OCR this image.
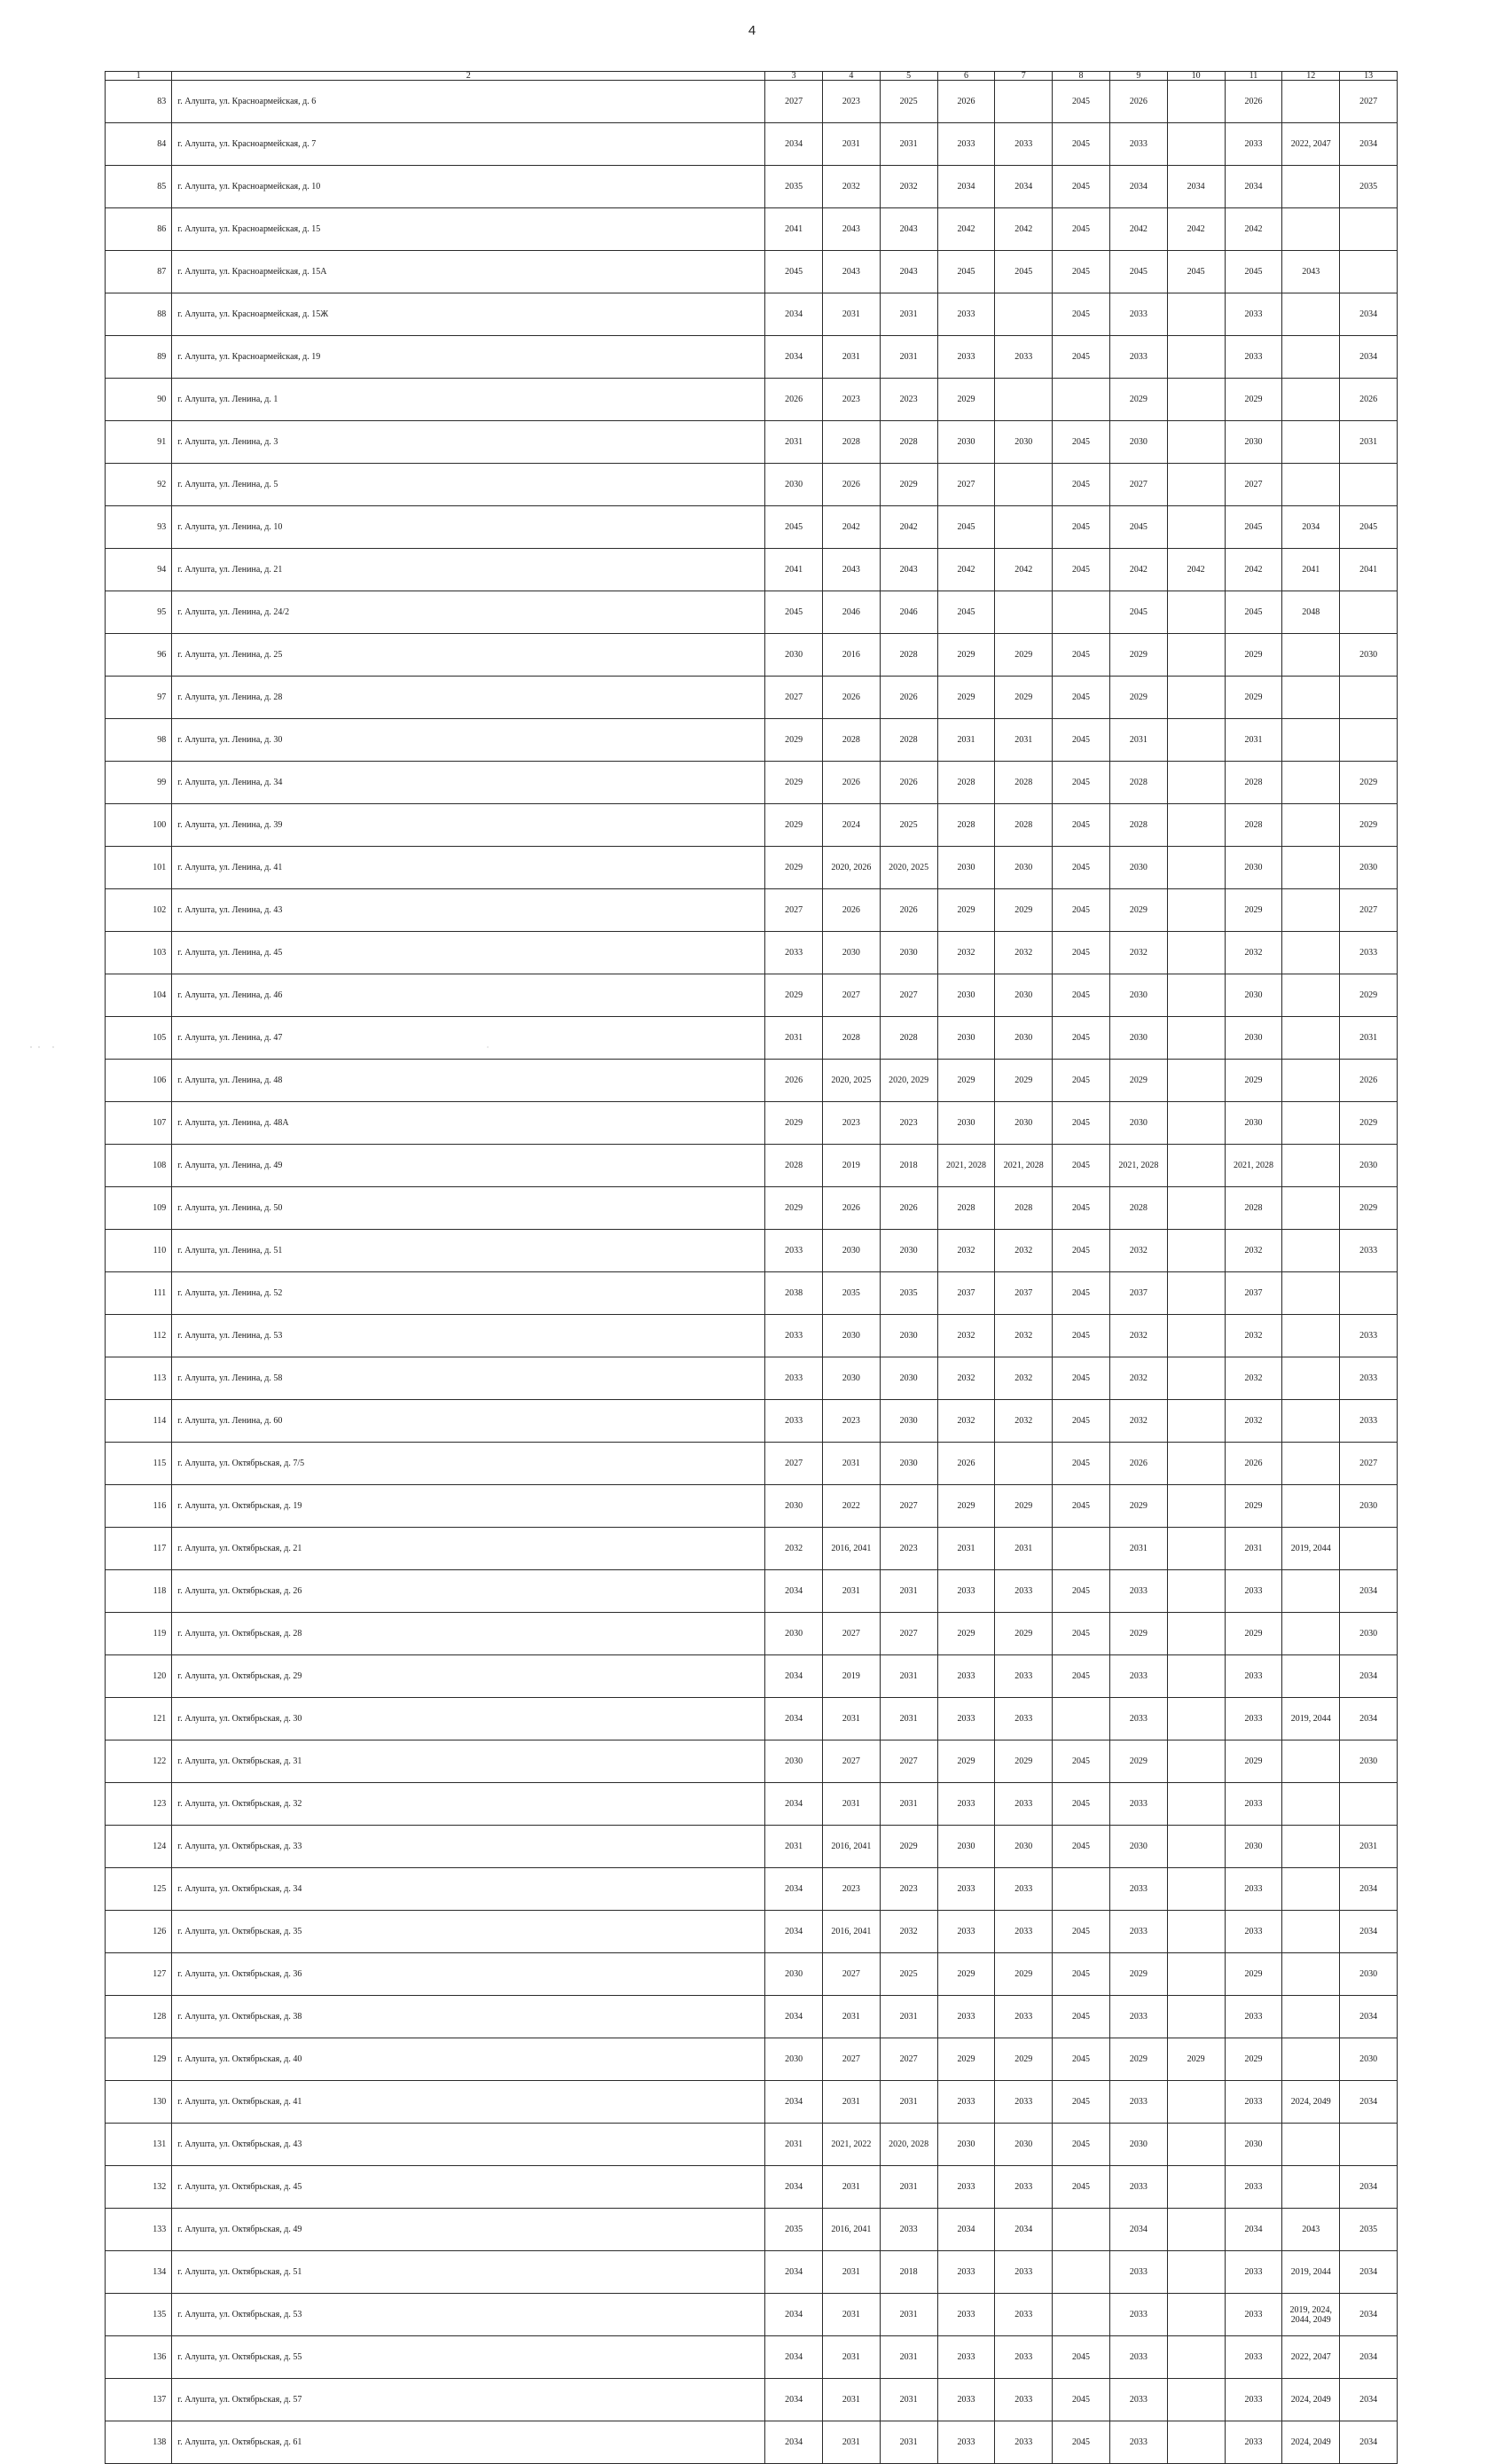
4
1	2	3	4	5	6	7	8	9	10	11	12	13
83	г. Алушта, ул. Красноармейская, д. 6	2027	2023	2025	2026		2045	2026		2026		2027
84	г. Алушта, ул. Красноармейская, д. 7	2034	2031	2031	2033	2033	2045	2033		2033	2022, 2047	2034
85	г. Алушта, ул. Красноармейская, д. 10	2035	2032	2032	2034	2034	2045	2034	2034	2034		2035
86	г. Алушта, ул. Красноармейская, д. 15	2041	2043	2043	2042	2042	2045	2042	2042	2042		
87	г. Алушта, ул. Красноармейская, д. 15А	2045	2043	2043	2045	2045	2045	2045	2045	2045	2043	
88	г. Алушта, ул. Красноармейская, д. 15Ж	2034	2031	2031	2033		2045	2033		2033		2034
89	г. Алушта, ул. Красноармейская, д. 19	2034	2031	2031	2033	2033	2045	2033		2033		2034
90	г. Алушта, ул. Ленина, д. 1	2026	2023	2023	2029			2029		2029		2026
91	г. Алушта, ул. Ленина, д. 3	2031	2028	2028	2030	2030	2045	2030		2030		2031
92	г. Алушта, ул. Ленина, д. 5	2030	2026	2029	2027		2045	2027		2027		
93	г. Алушта, ул. Ленина, д. 10	2045	2042	2042	2045		2045	2045		2045	2034	2045
94	г. Алушта, ул. Ленина, д. 21	2041	2043	2043	2042	2042	2045	2042	2042	2042	2041	2041
95	г. Алушта, ул. Ленина, д. 24/2	2045	2046	2046	2045			2045		2045	2048	
96	г. Алушта, ул. Ленина, д. 25	2030	2016	2028	2029	2029	2045	2029		2029		2030
97	г. Алушта, ул. Ленина, д. 28	2027	2026	2026	2029	2029	2045	2029		2029		
98	г. Алушта, ул. Ленина, д. 30	2029	2028	2028	2031	2031	2045	2031		2031		
99	г. Алушта, ул. Ленина, д. 34	2029	2026	2026	2028	2028	2045	2028		2028		2029
100	г. Алушта, ул. Ленина, д. 39	2029	2024	2025	2028	2028	2045	2028		2028		2029
101	г. Алушта, ул. Ленина, д. 41	2029	2020, 2026	2020, 2025	2030	2030	2045	2030		2030		2030
102	г. Алушта, ул. Ленина, д. 43	2027	2026	2026	2029	2029	2045	2029		2029		2027
103	г. Алушта, ул. Ленина, д. 45	2033	2030	2030	2032	2032	2045	2032		2032		2033
104	г. Алушта, ул. Ленина, д. 46	2029	2027	2027	2030	2030	2045	2030		2030		2029
105	г. Алушта, ул. Ленина, д. 47	2031	2028	2028	2030	2030	2045	2030		2030		2031
106	г. Алушта, ул. Ленина, д. 48	2026	2020, 2025	2020, 2029	2029	2029	2045	2029		2029		2026
107	г. Алушта, ул. Ленина, д. 48А	2029	2023	2023	2030	2030	2045	2030		2030		2029
108	г. Алушта, ул. Ленина, д. 49	2028	2019	2018	2021, 2028	2021, 2028	2045	2021, 2028		2021, 2028		2030
109	г. Алушта, ул. Ленина, д. 50	2029	2026	2026	2028	2028	2045	2028		2028		2029
110	г. Алушта, ул. Ленина, д. 51	2033	2030	2030	2032	2032	2045	2032		2032		2033
111	г. Алушта, ул. Ленина, д. 52	2038	2035	2035	2037	2037	2045	2037		2037		
112	г. Алушта, ул. Ленина, д. 53	2033	2030	2030	2032	2032	2045	2032		2032		2033
113	г. Алушта, ул. Ленина, д. 58	2033	2030	2030	2032	2032	2045	2032		2032		2033
114	г. Алушта, ул. Ленина, д. 60	2033	2023	2030	2032	2032	2045	2032		2032		2033
115	г. Алушта, ул. Октябрьская, д. 7/5	2027	2031	2030	2026		2045	2026		2026		2027
116	г. Алушта, ул. Октябрьская, д. 19	2030	2022	2027	2029	2029	2045	2029		2029		2030
117	г. Алушта, ул. Октябрьская, д. 21	2032	2016, 2041	2023	2031	2031		2031		2031	2019, 2044	
118	г. Алушта, ул. Октябрьская, д. 26	2034	2031	2031	2033	2033	2045	2033		2033		2034
119	г. Алушта, ул. Октябрьская, д. 28	2030	2027	2027	2029	2029	2045	2029		2029		2030
120	г. Алушта, ул. Октябрьская, д. 29	2034	2019	2031	2033	2033	2045	2033		2033		2034
121	г. Алушта, ул. Октябрьская, д. 30	2034	2031	2031	2033	2033		2033		2033	2019, 2044	2034
122	г. Алушта, ул. Октябрьская, д. 31	2030	2027	2027	2029	2029	2045	2029		2029		2030
123	г. Алушта, ул. Октябрьская, д. 32	2034	2031	2031	2033	2033	2045	2033		2033		
124	г. Алушта, ул. Октябрьская, д. 33	2031	2016, 2041	2029	2030	2030	2045	2030		2030		2031
125	г. Алушта, ул. Октябрьская, д. 34	2034	2023	2023	2033	2033		2033		2033		2034
126	г. Алушта, ул. Октябрьская, д. 35	2034	2016, 2041	2032	2033	2033	2045	2033		2033		2034
127	г. Алушта, ул. Октябрьская, д. 36	2030	2027	2025	2029	2029	2045	2029		2029		2030
128	г. Алушта, ул. Октябрьская, д. 38	2034	2031	2031	2033	2033	2045	2033		2033		2034
129	г. Алушта, ул. Октябрьская, д. 40	2030	2027	2027	2029	2029	2045	2029	2029	2029		2030
130	г. Алушта, ул. Октябрьская, д. 41	2034	2031	2031	2033	2033	2045	2033		2033	2024, 2049	2034
131	г. Алушта, ул. Октябрьская, д. 43	2031	2021, 2022	2020, 2028	2030	2030	2045	2030		2030		
132	г. Алушта, ул. Октябрьская, д. 45	2034	2031	2031	2033	2033	2045	2033		2033		2034
133	г. Алушта, ул. Октябрьская, д. 49	2035	2016, 2041	2033	2034	2034		2034		2034	2043	2035
134	г. Алушта, ул. Октябрьская, д. 51	2034	2031	2018	2033	2033		2033		2033	2019, 2044	2034
135	г. Алушта, ул. Октябрьская, д. 53	2034	2031	2031	2033	2033		2033		2033	2019, 2024, 2044, 2049	2034
136	г. Алушта, ул. Октябрьская, д. 55	2034	2031	2031	2033	2033	2045	2033		2033	2022, 2047	2034
137	г. Алушта, ул. Октябрьская, д. 57	2034	2031	2031	2033	2033	2045	2033		2033	2024, 2049	2034
138	г. Алушта, ул. Октябрьская, д. 61	2034	2031	2031	2033	2033	2045	2033		2033	2024, 2049	2034
